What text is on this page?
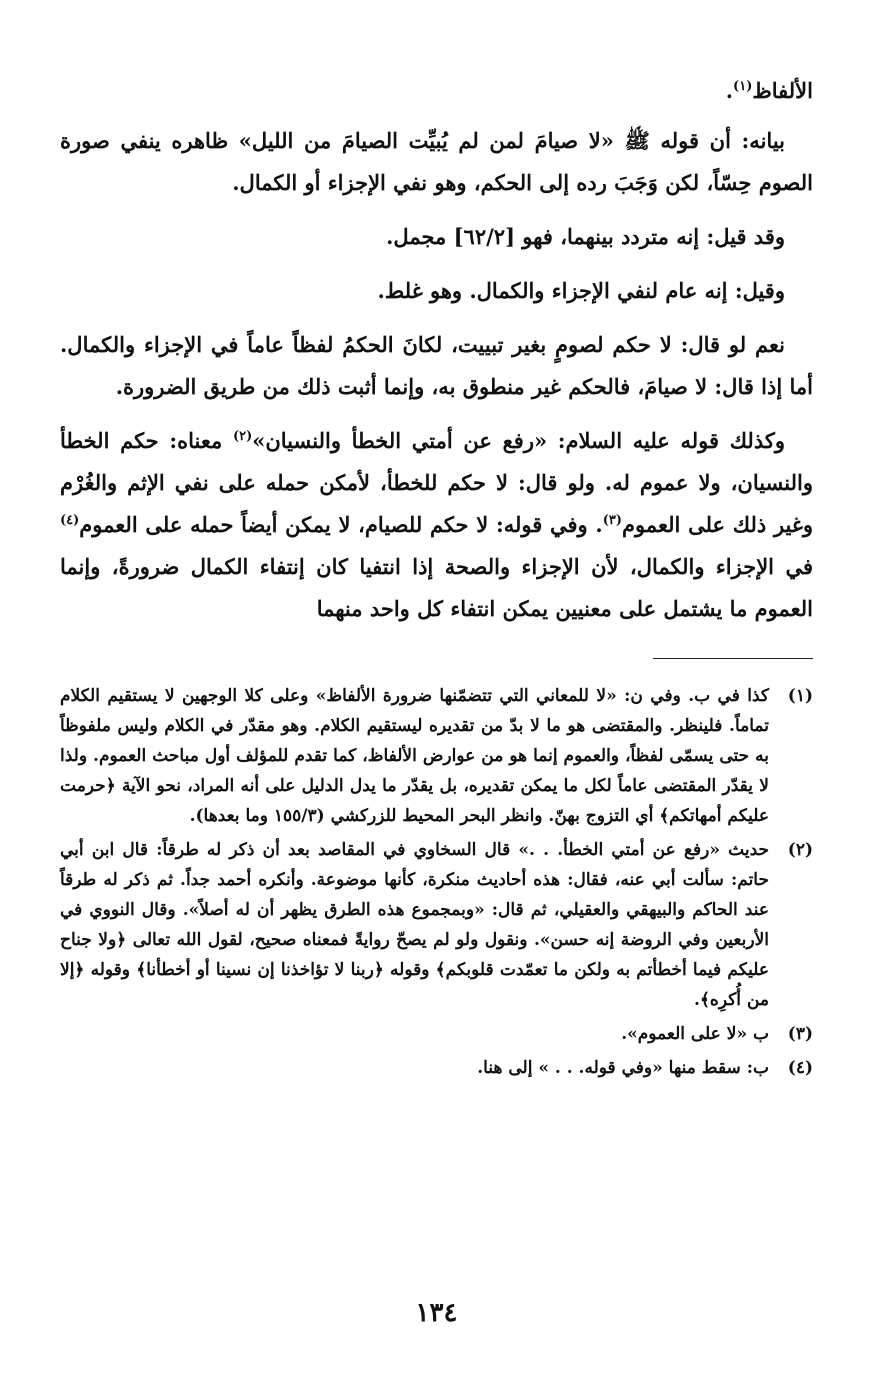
الألفاظ$^{(١)}$.

بيانه: أن قوله ﷺ «لا صيامَ لمن لم يُبيِّت الصيامَ من الليل» ظاهره ينفي صورة الصوم حِسّاً، لكن وَجَبَ رده إلى الحكم، وهو نفي الإجزاء أو الكمال.

وقد قيل: إنه متردد بينهما، فهو [٦٢/٢] مجمل.

وقيل: إنه عام لنفي الإجزاء والكمال. وهو غلط.

نعم لو قال: لا حكم لصومٍ بغير تبييت، لكانَ الحكمُ لفظاً عاماً في الإجزاء والكمال. أما إذا قال: لا صيامَ، فالحكم غير منطوق به، وإنما أثبت ذلك من طريق الضرورة.

وكذلك قوله عليه السلام: «رفع عن أمتي الخطأ والنسيان»$^{(٢)}$ معناه: حكم الخطأ والنسيان، ولا عموم له. ولو قال: لا حكم للخطأ، لأمكن حمله على نفي الإثم والغُرْم وغير ذلك على العموم$^{(٣)}$. وفي قوله: لا حكم للصيام، لا يمكن أيضاً حمله على العموم$^{(٤)}$ في الإجزاء والكمال، لأن الإجزاء والصحة إذا انتفيا كان إنتفاء الكمال ضرورةً، وإنما العموم ما يشتمل على معنيين يمكن انتفاء كل واحد منهما

(١)
كذا في ب. وفي ن: «لا للمعاني التي تتضمّنها ضرورة الألفاظ» وعلى كلا الوجهين لا يستقيم الكلام تماماً. فلينظر. والمقتضى هو ما لا بدّ من تقديره ليستقيم الكلام. وهو مقدّر في الكلام وليس ملفوظاً به حتى يسمّى لفظاً، والعموم إنما هو من عوارض الألفاظ، كما تقدم للمؤلف أول مباحث العموم. ولذا لا يقدّر المقتضى عاماً لكل ما يمكن تقديره، بل يقدّر ما يدل الدليل على أنه المراد، نحو الآية ﴿حرمت عليكم أمهاتكم﴾ أي التزوج بهنّ. وانظر البحر المحيط للزركشي (١٥٥/٣ وما بعدها).
(٢)
حديث «رفع عن أمتي الخطأ. . .» قال السخاوي في المقاصد بعد أن ذكر له طرقاً: قال ابن أبي حاتم: سألت أبي عنه، فقال: هذه أحاديث منكرة، كأنها موضوعة. وأنكره أحمد جداً. ثم ذكر له طرقاً عند الحاكم والبيهقي والعقيلي، ثم قال: «وبمجموع هذه الطرق يظهر أن له أصلاً». وقال النووي في الأربعين وفي الروضة إنه حسن». ونقول ولو لم يصحّ روايةً فمعناه صحيح، لقول الله تعالى ﴿ولا جناح عليكم فيما أخطأتم به ولكن ما تعمّدت قلوبكم﴾ وقوله ﴿ربنا لا تؤاخذنا إن نسينا أو أخطأنا﴾ وقوله ﴿إلا من أُكرِه﴾.
(٣)
ب «لا على العموم».
(٤)
ب: سقط منها «وفي قوله. . . » إلى هنا.
١٣٤
